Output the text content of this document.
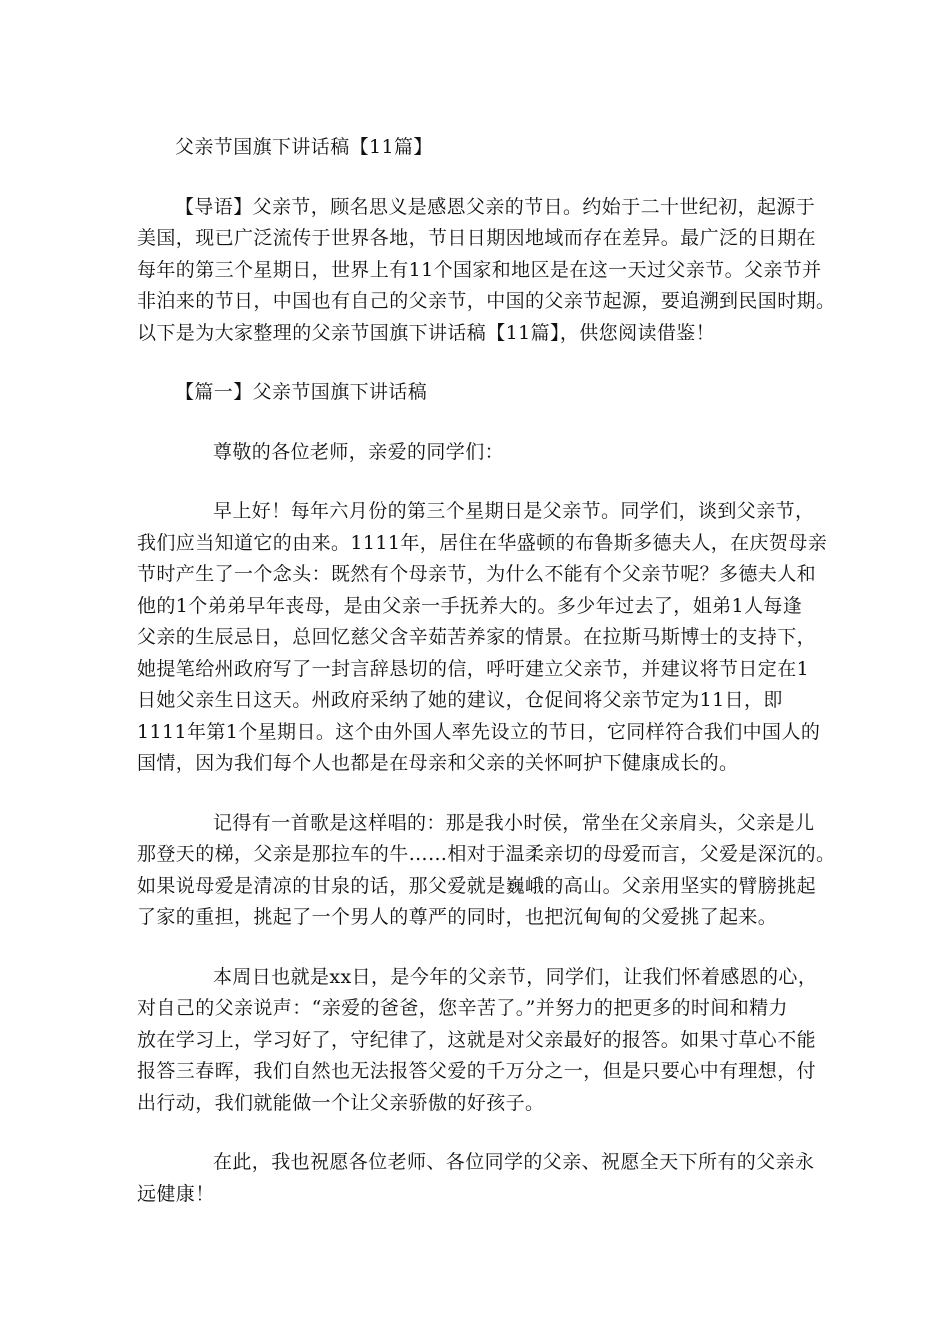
父亲节国旗下讲话稿【11篇】
【导语】父亲节，顾名思义是感恩父亲的节日。约始于二十世纪初，起源于
美国，现已广泛流传于世界各地，节日日期因地域而存在差异。最广泛的日期在
每年的第三个星期日，世界上有11个国家和地区是在这一天过父亲节。父亲节并
非泊来的节日，中国也有自己的父亲节，中国的父亲节起源，要追溯到民国时期。
以下是为大家整理的父亲节国旗下讲话稿【11篇】，供您阅读借鉴！
【篇一】父亲节国旗下讲话稿
尊敬的各位老师，亲爱的同学们：
早上好！每年六月份的第三个星期日是父亲节。同学们，谈到父亲节，
我们应当知道它的由来。1111年，居住在华盛顿的布鲁斯多德夫人，在庆贺母亲
节时产生了一个念头：既然有个母亲节，为什么不能有个父亲节呢？多德夫人和
他的1个弟弟早年丧母，是由父亲一手抚养大的。多少年过去了，姐弟1人每逢
父亲的生辰忌日，总回忆慈父含辛茹苦养家的情景。在拉斯马斯博士的支持下，
她提笔给州政府写了一封言辞恳切的信，呼吁建立父亲节，并建议将节日定在1
日她父亲生日这天。州政府采纳了她的建议，仓促间将父亲节定为11日，即
1111年第1个星期日。这个由外国人率先设立的节日，它同样符合我们中国人的
国情，因为我们每个人也都是在母亲和父亲的关怀呵护下健康成长的。
记得有一首歌是这样唱的：那是我小时侯，常坐在父亲肩头，父亲是儿
那登天的梯，父亲是那拉车的牛……相对于温柔亲切的母爱而言，父爱是深沉的。
如果说母爱是清凉的甘泉的话，那父爱就是巍峨的高山。父亲用坚实的臂膀挑起
了家的重担，挑起了一个男人的尊严的同时，也把沉甸甸的父爱挑了起来。
本周日也就是xx日，是今年的父亲节，同学们，让我们怀着感恩的心，
对自己的父亲说声：“亲爱的爸爸，您辛苦了。”并努力的把更多的时间和精力
放在学习上，学习好了，守纪律了，这就是对父亲最好的报答。如果寸草心不能
报答三春晖，我们自然也无法报答父爱的千万分之一，但是只要心中有理想，付
出行动，我们就能做一个让父亲骄傲的好孩子。
在此，我也祝愿各位老师、各位同学的父亲、祝愿全天下所有的父亲永
远健康！
